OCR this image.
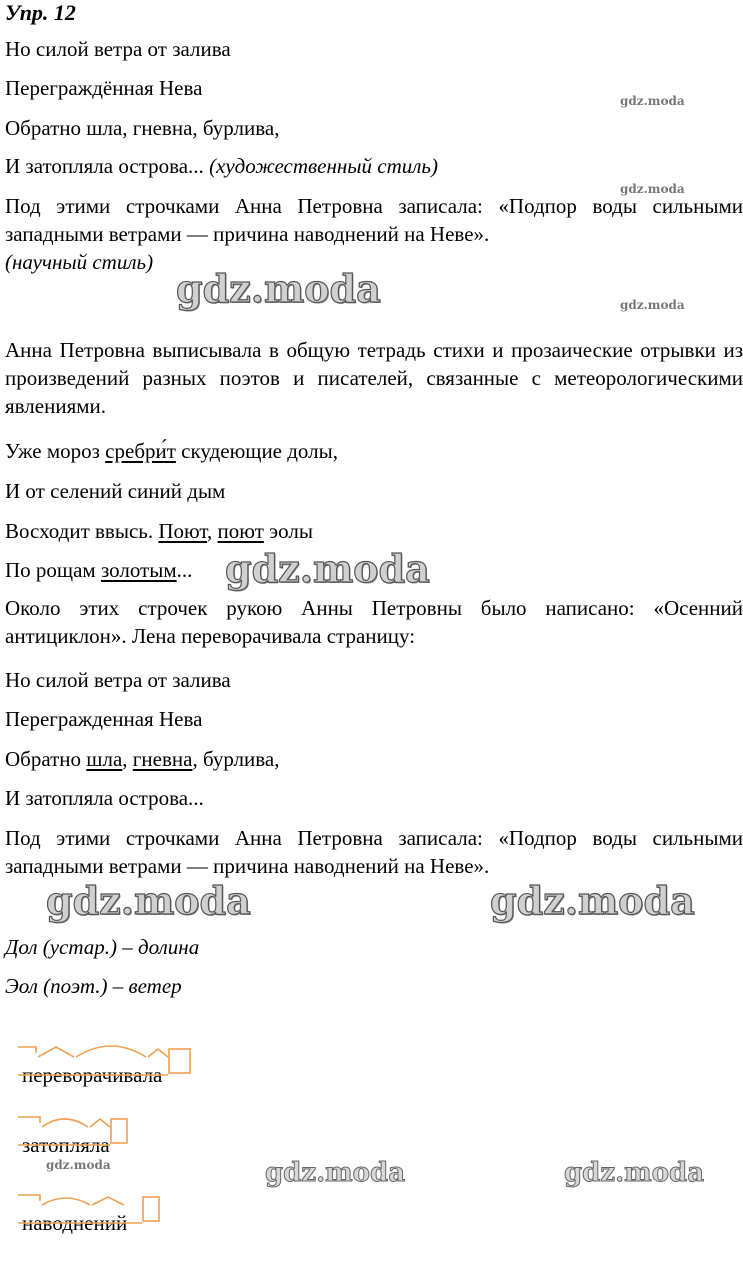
Упр. 12
Но силой ветра от залива
Переграждённая Нева
Обратно шла, гневна, бурлива,
И затопляла острова... (художественный стиль)

Под этими строчками Анна Петровна записала: «Подпор воды сильными западными ветрами — причина наводнений на Неве».
(научный стиль)

Анна Петровна выписывала в общую тетрадь стихи и прозаические отрывки из произведений разных поэтов и писателей, связанные с метеорологическими явлениями.

Уже мороз сребри́т скудеющие долы,
И от селений синий дым
Восходит ввысь. Поют, поют эолы
По рощам золотым...

Около этих строчек рукою Анны Петровны было написано: «Осенний антициклон». Лена переворачивала страницу:

Но силой ветра от залива
Перегражденная Нева
Обратно шла, гневна, бурлива,
И затопляла острова...

Под этими строчками Анна Петровна записала: «Подпор воды сильными западными ветрами — причина наводнений на Неве».

Дол (устар.) – долина
Эол (поэт.) – ветер
переворачивала
затопляла
наводнений
gdz.moda
gdz.moda
gdz.moda
gdz.moda
gdz.moda
gdz.moda	gdz.moda
gdz.moda	gdz.moda
gdz.moda
